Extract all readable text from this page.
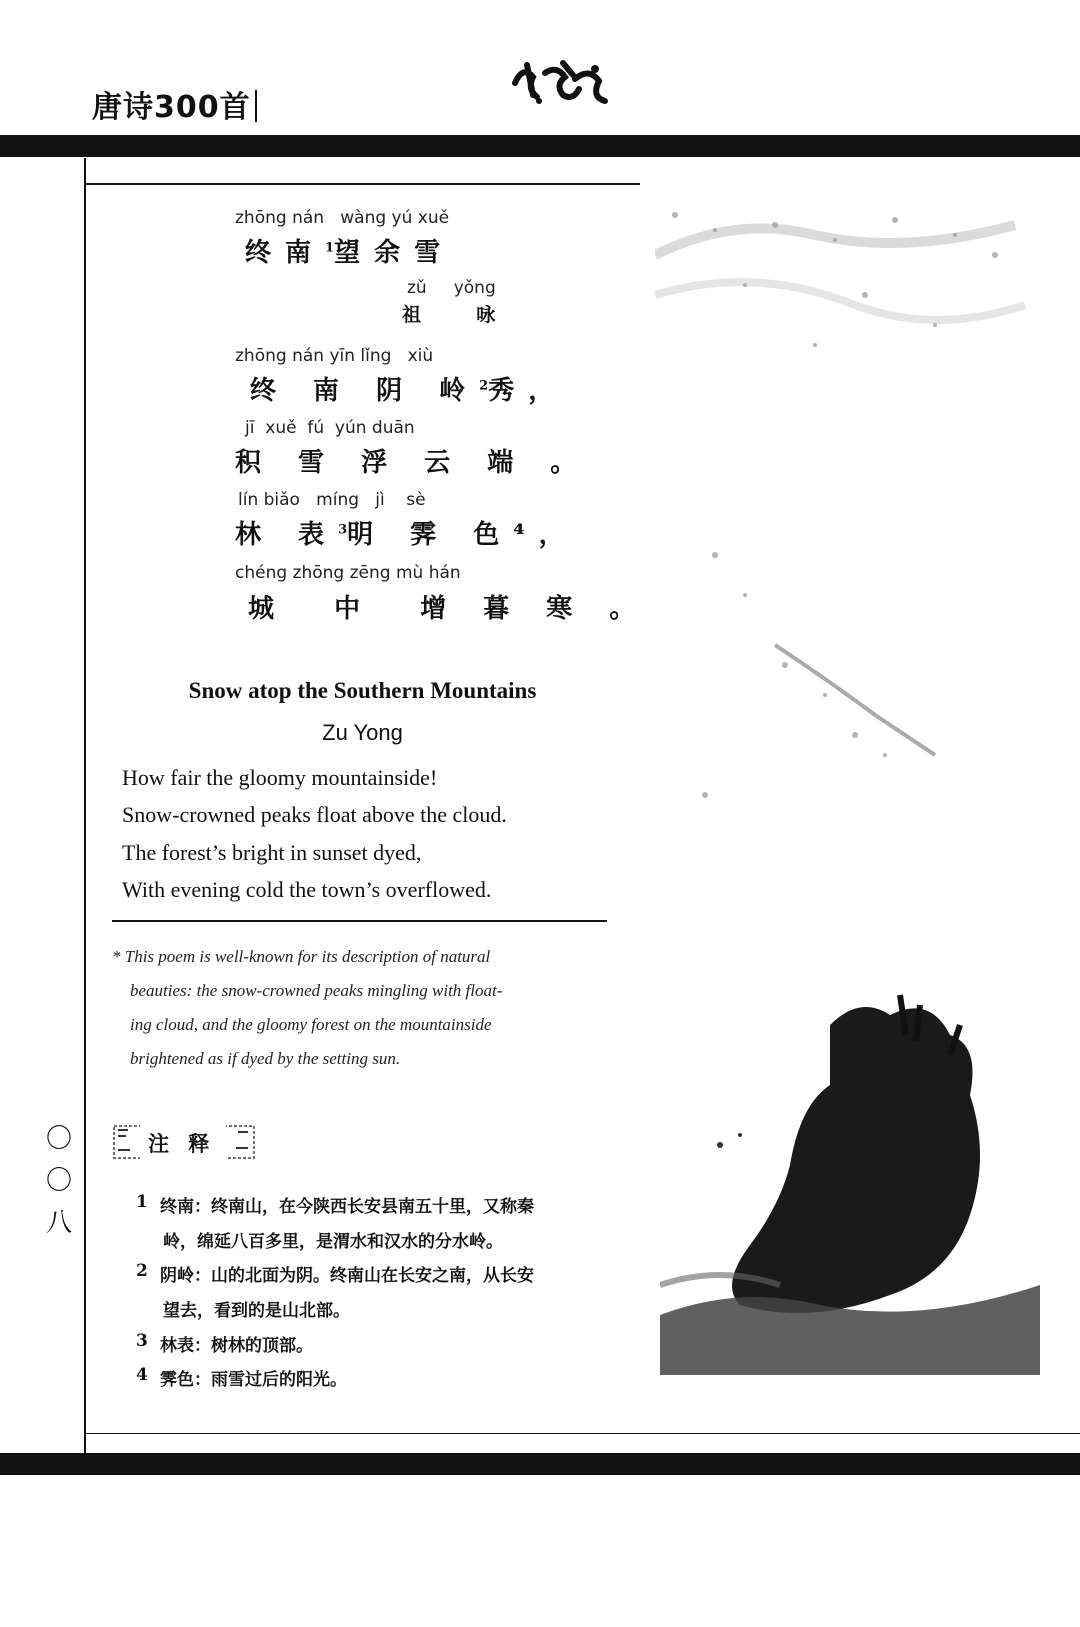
唐诗300首
zhōng nán   wàng yú xuě
终南$^1$望余雪
zǔ     yǒng
祖  咏
zhōng nán yīn lǐng   xiù
终 南 阴 岭$^2$秀，
jī  xuě  fú  yún duān
积 雪 浮 云 端 。
lín biǎo   míng   jì    sè
林 表$^3$明 霁 色⁴，
chéng zhōng zēng mù hán
城  中  增 暮 寒 。
Snow atop the Southern Mountains
Zu Yong
How fair the gloomy mountainside!
Snow-crowned peaks float above the cloud.
The forest’s bright in sunset dyed,
With evening cold the town’s overflowed.
* This poem is well-known for its description of natural
beauties: the snow-crowned peaks mingling with float-
ing cloud, and the gloomy forest on the mountainside
brightened as if dyed by the setting sun.
注 释
1 终南：终南山，在今陕西长安县南五十里，又称秦
岭，绵延八百多里，是渭水和汉水的分水岭。
2 阴岭：山的北面为阴。终南山在长安之南，从长安
望去，看到的是山北部。
3 林表：树林的顶部。
4 霁色：雨雪过后的阳光。
〇
〇
八
